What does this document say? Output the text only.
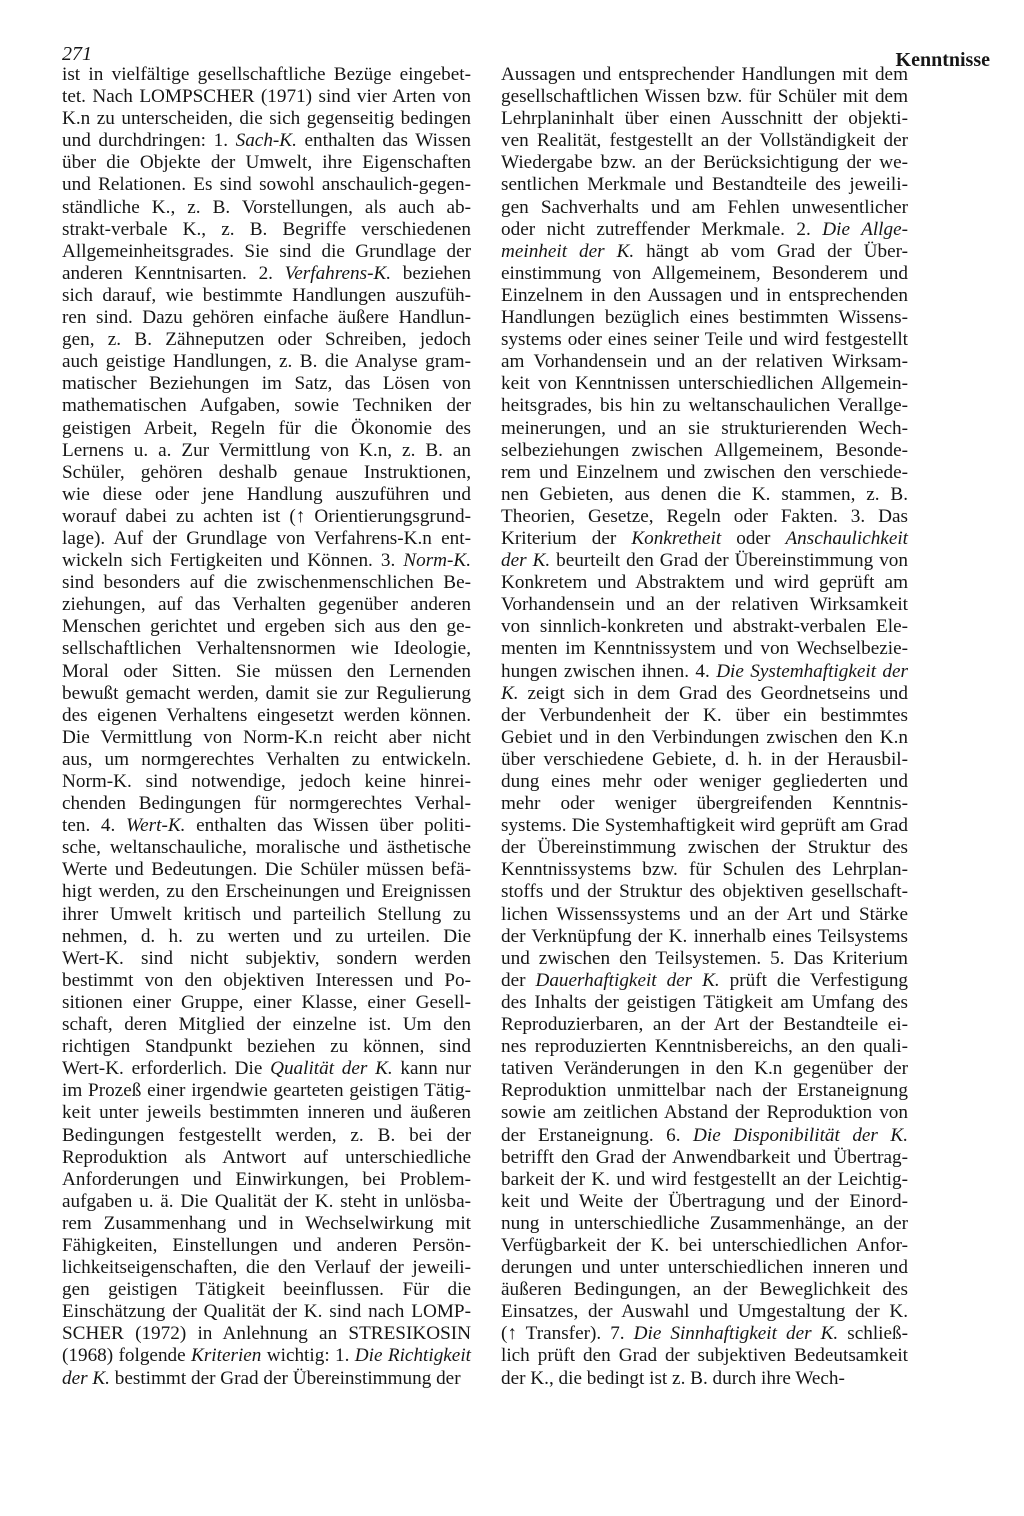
271	Kenntnisse
ist in vielfältige gesellschaftliche Bezüge eingebet-
tet. Nach LOMPSCHER (1971) sind vier Arten von
K.n zu unterscheiden, die sich gegenseitig bedingen
und durchdringen: 1. Sach-K. enthalten das Wissen
über die Objekte der Umwelt, ihre Eigenschaften
und Relationen. Es sind sowohl anschaulich-gegen-
ständliche K., z. B. Vorstellungen, als auch ab-
strakt-verbale K., z. B. Begriffe verschiedenen
Allgemeinheitsgrades. Sie sind die Grundlage der
anderen Kenntnisarten. 2. Verfahrens-K. beziehen
sich darauf, wie bestimmte Handlungen auszufüh-
ren sind. Dazu gehören einfache äußere Handlun-
gen, z. B. Zähneputzen oder Schreiben, jedoch
auch geistige Handlungen, z. B. die Analyse gram-
matischer Beziehungen im Satz, das Lösen von
mathematischen Aufgaben, sowie Techniken der
geistigen Arbeit, Regeln für die Ökonomie des
Lernens u. a. Zur Vermittlung von K.n, z. B. an
Schüler, gehören deshalb genaue Instruktionen,
wie diese oder jene Handlung auszuführen und
worauf dabei zu achten ist (↑ Orientierungsgrund-
lage). Auf der Grundlage von Verfahrens-K.n ent-
wickeln sich Fertigkeiten und Können. 3. Norm-K.
sind besonders auf die zwischenmenschlichen Be-
ziehungen, auf das Verhalten gegenüber anderen
Menschen gerichtet und ergeben sich aus den ge-
sellschaftlichen Verhaltensnormen wie Ideologie,
Moral oder Sitten. Sie müssen den Lernenden
bewußt gemacht werden, damit sie zur Regulierung
des eigenen Verhaltens eingesetzt werden können.
Die Vermittlung von Norm-K.n reicht aber nicht
aus, um normgerechtes Verhalten zu entwickeln.
Norm-K. sind notwendige, jedoch keine hinrei-
chenden Bedingungen für normgerechtes Verhal-
ten. 4. Wert-K. enthalten das Wissen über politi-
sche, weltanschauliche, moralische und ästhetische
Werte und Bedeutungen. Die Schüler müssen befä-
higt werden, zu den Erscheinungen und Ereignissen
ihrer Umwelt kritisch und parteilich Stellung zu
nehmen, d. h. zu werten und zu urteilen. Die
Wert-K. sind nicht subjektiv, sondern werden
bestimmt von den objektiven Interessen und Po-
sitionen einer Gruppe, einer Klasse, einer Gesell-
schaft, deren Mitglied der einzelne ist. Um den
richtigen Standpunkt beziehen zu können, sind
Wert-K. erforderlich. Die Qualität der K. kann nur
im Prozeß einer irgendwie gearteten geistigen Tätig-
keit unter jeweils bestimmten inneren und äußeren
Bedingungen festgestellt werden, z. B. bei der
Reproduktion als Antwort auf unterschiedliche
Anforderungen und Einwirkungen, bei Problem-
aufgaben u. ä. Die Qualität der K. steht in unlösba-
rem Zusammenhang und in Wechselwirkung mit
Fähigkeiten, Einstellungen und anderen Persön-
lichkeitseigenschaften, die den Verlauf der jeweili-
gen geistigen Tätigkeit beeinflussen. Für die
Einschätzung der Qualität der K. sind nach LOMP-
SCHER (1972) in Anlehnung an STRESIKOSIN
(1968) folgende Kriterien wichtig: 1. Die Richtigkeit
der K. bestimmt der Grad der Übereinstimmung der
Aussagen und entsprechender Handlungen mit dem
gesellschaftlichen Wissen bzw. für Schüler mit dem
Lehrplaninhalt über einen Ausschnitt der objekti-
ven Realität, festgestellt an der Vollständigkeit der
Wiedergabe bzw. an der Berücksichtigung der we-
sentlichen Merkmale und Bestandteile des jeweili-
gen Sachverhalts und am Fehlen unwesentlicher
oder nicht zutreffender Merkmale. 2. Die Allge-
meinheit der K. hängt ab vom Grad der Über-
einstimmung von Allgemeinem, Besonderem und
Einzelnem in den Aussagen und in entsprechenden
Handlungen bezüglich eines bestimmten Wissens-
systems oder eines seiner Teile und wird festgestellt
am Vorhandensein und an der relativen Wirksam-
keit von Kenntnissen unterschiedlichen Allgemein-
heitsgrades, bis hin zu weltanschaulichen Verallge-
meinerungen, und an sie strukturierenden Wech-
selbeziehungen zwischen Allgemeinem, Besonde-
rem und Einzelnem und zwischen den verschiede-
nen Gebieten, aus denen die K. stammen, z. B.
Theorien, Gesetze, Regeln oder Fakten. 3. Das
Kriterium der Konkretheit oder Anschaulichkeit
der K. beurteilt den Grad der Übereinstimmung von
Konkretem und Abstraktem und wird geprüft am
Vorhandensein und an der relativen Wirksamkeit
von sinnlich-konkreten und abstrakt-verbalen Ele-
menten im Kenntnissystem und von Wechselbezie-
hungen zwischen ihnen. 4. Die Systemhaftigkeit der
K. zeigt sich in dem Grad des Geordnetseins und
der Verbundenheit der K. über ein bestimmtes
Gebiet und in den Verbindungen zwischen den K.n
über verschiedene Gebiete, d. h. in der Herausbil-
dung eines mehr oder weniger gegliederten und
mehr oder weniger übergreifenden Kenntnis-
systems. Die Systemhaftigkeit wird geprüft am Grad
der Übereinstimmung zwischen der Struktur des
Kenntnissystems bzw. für Schulen des Lehrplan-
stoffs und der Struktur des objektiven gesellschaft-
lichen Wissenssystems und an der Art und Stärke
der Verknüpfung der K. innerhalb eines Teilsystems
und zwischen den Teilsystemen. 5. Das Kriterium
der Dauerhaftigkeit der K. prüft die Verfestigung
des Inhalts der geistigen Tätigkeit am Umfang des
Reproduzierbaren, an der Art der Bestandteile ei-
nes reproduzierten Kenntnisbereichs, an den quali-
tativen Veränderungen in den K.n gegenüber der
Reproduktion unmittelbar nach der Erstaneignung
sowie am zeitlichen Abstand der Reproduktion von
der Erstaneignung. 6. Die Disponibilität der K.
betrifft den Grad der Anwendbarkeit und Übertrag-
barkeit der K. und wird festgestellt an der Leichtig-
keit und Weite der Übertragung und der Einord-
nung in unterschiedliche Zusammenhänge, an der
Verfügbarkeit der K. bei unterschiedlichen Anfor-
derungen und unter unterschiedlichen inneren und
äußeren Bedingungen, an der Beweglichkeit des
Einsatzes, der Auswahl und Umgestaltung der K.
(↑ Transfer). 7. Die Sinnhaftigkeit der K. schließ-
lich prüft den Grad der subjektiven Bedeutsamkeit
der K., die bedingt ist z. B. durch ihre Wech-
